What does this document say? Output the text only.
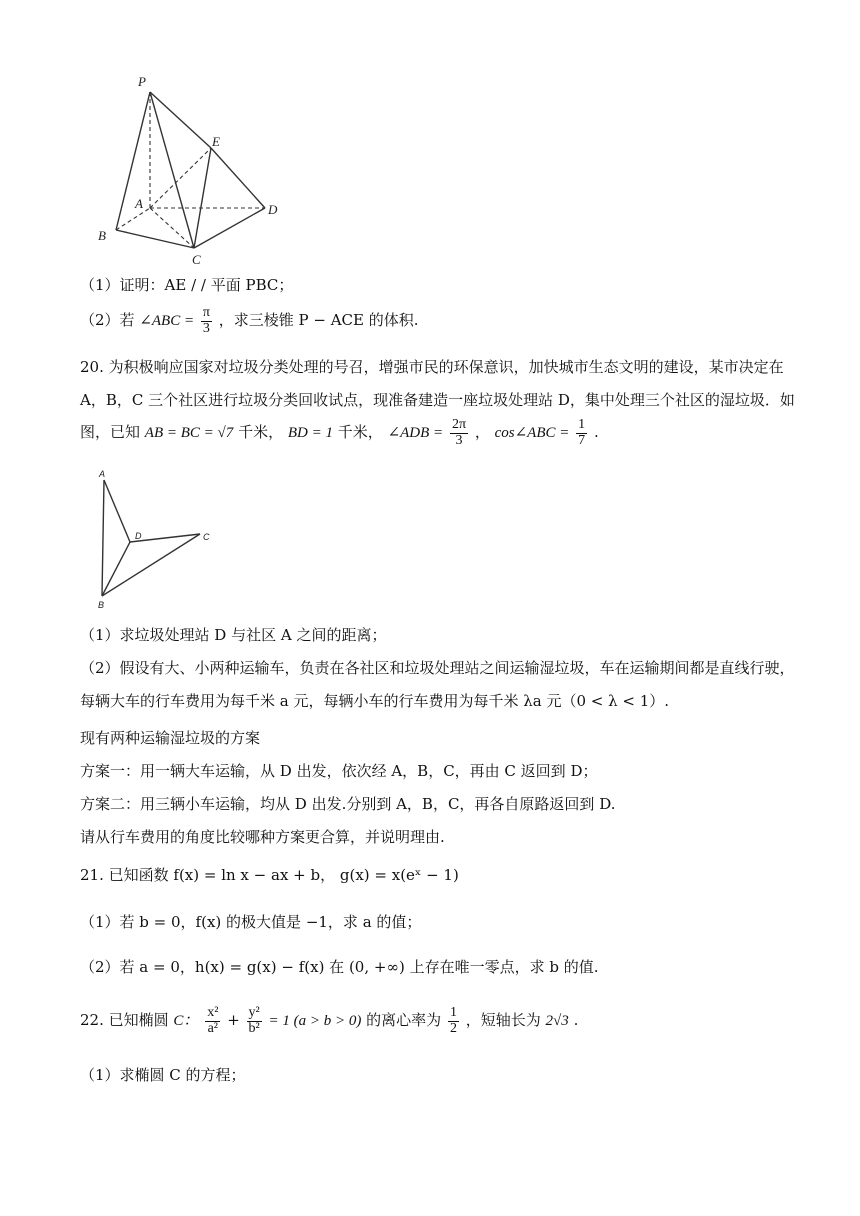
P
E
A	D
B
C
（1）证明：AE / / 平面 PBC；
（2）若 ∠ABC = $\frac{\pi}{3}$ ，求三棱锥 P − ACE 的体积.
20. 为积极响应国家对垃圾分类处理的号召，增强市民的环保意识，加快城市生态文明的建设，某市决定在
A，B，C 三个社区进行垃圾分类回收试点，现准备建造一座垃圾处理站 D，集中处理三个社区的湿垃圾．如
图，已知 AB = BC = √7 千米， BD = 1 千米， ∠ADB = $\frac{2\pi}{3}$ ， cos∠ABC = $\frac{1}{7}$ .
A
D	C
B
（1）求垃圾处理站 D 与社区 A 之间的距离；
（2）假设有大、小两种运输车，负责在各社区和垃圾处理站之间运输湿垃圾，车在运输期间都是直线行驶，
每辆大车的行车费用为每千米 a 元，每辆小车的行车费用为每千米 λa 元（0 < λ < 1）.
现有两种运输湿垃圾的方案
方案一：用一辆大车运输，从 D 出发，依次经 A，B，C，再由 C 返回到 D；
方案二：用三辆小车运输，均从 D 出发.分别到 A，B，C，再各自原路返回到 D.
请从行车费用的角度比较哪种方案更合算，并说明理由.
21. 已知函数 f(x) = ln x − ax + b， g(x) = x(eˣ − 1)
（1）若 b = 0，f(x) 的极大值是 −1，求 a 的值；
（2）若 a = 0，h(x) = g(x) − f(x) 在 (0, +∞) 上存在唯一零点，求 b 的值.
22. 已知椭圆 C： $\frac{\text{x²}}{\text{a²}} + \frac{\text{y²}}{\text{b²}} = 1$ (a > b > 0) 的离心率为 $\frac{1}{2}$ ，短轴长为 2√3 .
（1）求椭圆 C 的方程；
